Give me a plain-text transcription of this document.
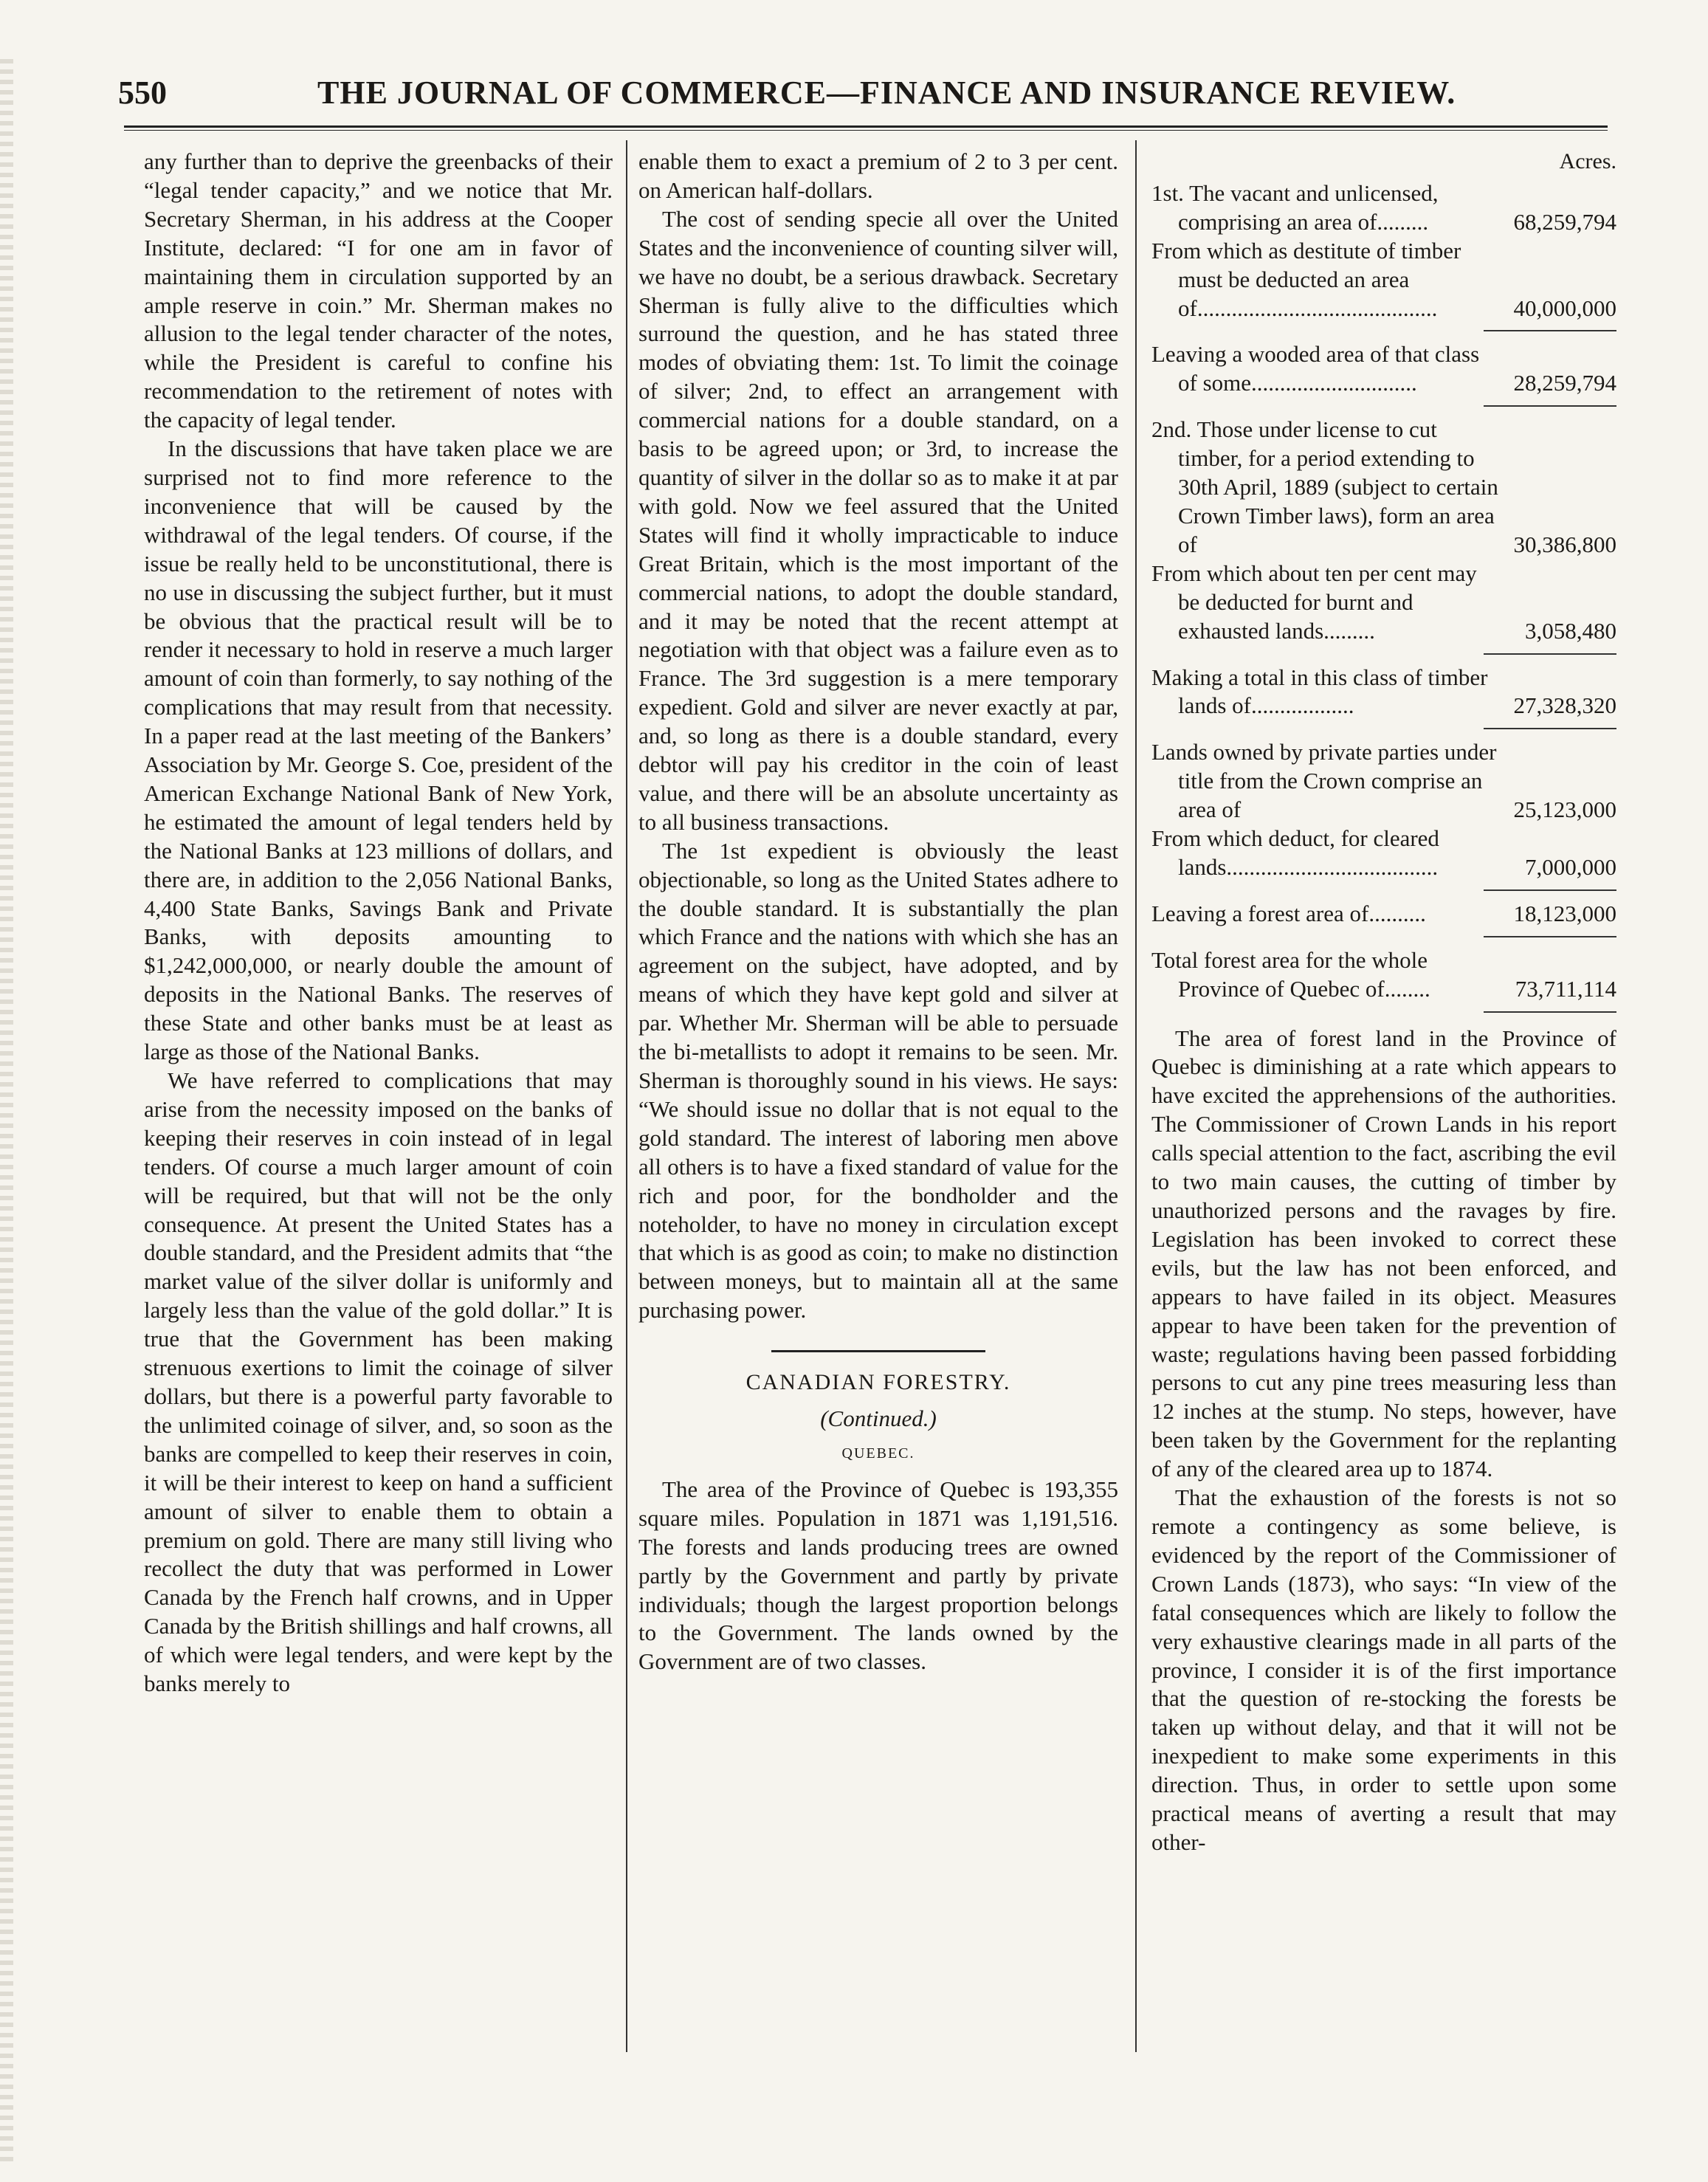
550	THE JOURNAL OF COMMERCE—FINANCE AND INSURANCE REVIEW.

any further than to deprive the greenbacks of their “legal tender capacity,” and we notice that Mr. Secretary Sherman, in his address at the Cooper Institute, declared: “I for one am in favor of maintaining them in circulation supported by an ample reserve in coin.” Mr. Sherman makes no allusion to the legal tender character of the notes, while the President is careful to confine his recommendation to the retirement of notes with the capacity of legal tender.

In the discussions that have taken place we are surprised not to find more reference to the inconvenience that will be caused by the withdrawal of the legal tenders. Of course, if the issue be really held to be unconstitutional, there is no use in discussing the subject further, but it must be obvious that the practical result will be to render it necessary to hold in reserve a much larger amount of coin than formerly, to say nothing of the complications that may result from that necessity. In a paper read at the last meeting of the Bankers’ Association by Mr. George S. Coe, president of the American Exchange National Bank of New York, he estimated the amount of legal tenders held by the National Banks at 123 millions of dollars, and there are, in addition to the 2,056 National Banks, 4,400 State Banks, Savings Bank and Private Banks, with deposits amounting to $1,242,000,000, or nearly double the amount of deposits in the National Banks. The reserves of these State and other banks must be at least as large as those of the National Banks.

We have referred to complications that may arise from the necessity imposed on the banks of keeping their reserves in coin instead of in legal tenders. Of course a much larger amount of coin will be required, but that will not be the only consequence. At present the United States has a double standard, and the President admits that “the market value of the silver dollar is uniformly and largely less than the value of the gold dollar.” It is true that the Government has been making strenuous exertions to limit the coinage of silver dollars, but there is a powerful party favorable to the unlimited coinage of silver, and, so soon as the banks are compelled to keep their reserves in coin, it will be their interest to keep on hand a sufficient amount of silver to enable them to obtain a premium on gold. There are many still living who recollect the duty that was performed in Lower Canada by the French half crowns, and in Upper Canada by the British shillings and half crowns, all of which were legal tenders, and were kept by the banks merely to

enable them to exact a premium of 2 to 3 per cent. on American half-dollars.

The cost of sending specie all over the United States and the inconvenience of counting silver will, we have no doubt, be a serious drawback. Secretary Sherman is fully alive to the difficulties which surround the question, and he has stated three modes of obviating them: 1st. To limit the coinage of silver; 2nd, to effect an arrangement with commercial nations for a double standard, on a basis to be agreed upon; or 3rd, to increase the quantity of silver in the dollar so as to make it at par with gold. Now we feel assured that the United States will find it wholly impracticable to induce Great Britain, which is the most important of the commercial nations, to adopt the double standard, and it may be noted that the recent attempt at negotiation with that object was a failure even as to France. The 3rd suggestion is a mere temporary expedient. Gold and silver are never exactly at par, and, so long as there is a double standard, every debtor will pay his creditor in the coin of least value, and there will be an absolute uncertainty as to all business transactions.

The 1st expedient is obviously the least objectionable, so long as the United States adhere to the double standard. It is substantially the plan which France and the nations with which she has an agreement on the subject, have adopted, and by means of which they have kept gold and silver at par. Whether Mr. Sherman will be able to persuade the bi-metallists to adopt it remains to be seen. Mr. Sherman is thoroughly sound in his views. He says: “We should issue no dollar that is not equal to the gold standard. The interest of laboring men above all others is to have a fixed standard of value for the rich and poor, for the bondholder and the noteholder, to have no money in circulation except that which is as good as coin; to make no distinction between moneys, but to maintain all at the same purchasing power.

CANADIAN FORESTRY.
(Continued.)
QUEBEC.

The area of the Province of Quebec is 193,355 square miles. Population in 1871 was 1,191,516. The forests and lands producing trees are owned partly by the Government and partly by private individuals; though the largest proportion belongs to the Government. The lands owned by the Government are of two classes.

Acres.
1st. The vacant and unlicensed, comprising an area of.........	68,259,794
From which as destitute of timber must be deducted an area of..........................................	40,000,000
Leaving a wooded area of that class of some.............................	28,259,794
2nd. Those under license to cut timber, for a period extending to 30th April, 1889 (subject to certain Crown Timber laws), form an area of	30,386,800
From which about ten per cent may be deducted for burnt and exhausted lands.........	3,058,480
Making a total in this class of timber lands of..................	27,328,320
Lands owned by private parties under title from the Crown comprise an area of	25,123,000
From which deduct, for cleared lands.....................................	7,000,000
Leaving a forest area of..........	18,123,000
Total forest area for the whole Province of Quebec of........	73,711,114

The area of forest land in the Province of Quebec is diminishing at a rate which appears to have excited the apprehensions of the authorities. The Commissioner of Crown Lands in his report calls special attention to the fact, ascribing the evil to two main causes, the cutting of timber by unauthorized persons and the ravages by fire. Legislation has been invoked to correct these evils, but the law has not been enforced, and appears to have failed in its object. Measures appear to have been taken for the prevention of waste; regulations having been passed forbidding persons to cut any pine trees measuring less than 12 inches at the stump. No steps, however, have been taken by the Government for the replanting of any of the cleared area up to 1874.

That the exhaustion of the forests is not so remote a contingency as some believe, is evidenced by the report of the Commissioner of Crown Lands (1873), who says: “In view of the fatal consequences which are likely to follow the very exhaustive clearings made in all parts of the province, I consider it is of the first importance that the question of re-stocking the forests be taken up without delay, and that it will not be inexpedient to make some experiments in this direction. Thus, in order to settle upon some practical means of averting a result that may other-
